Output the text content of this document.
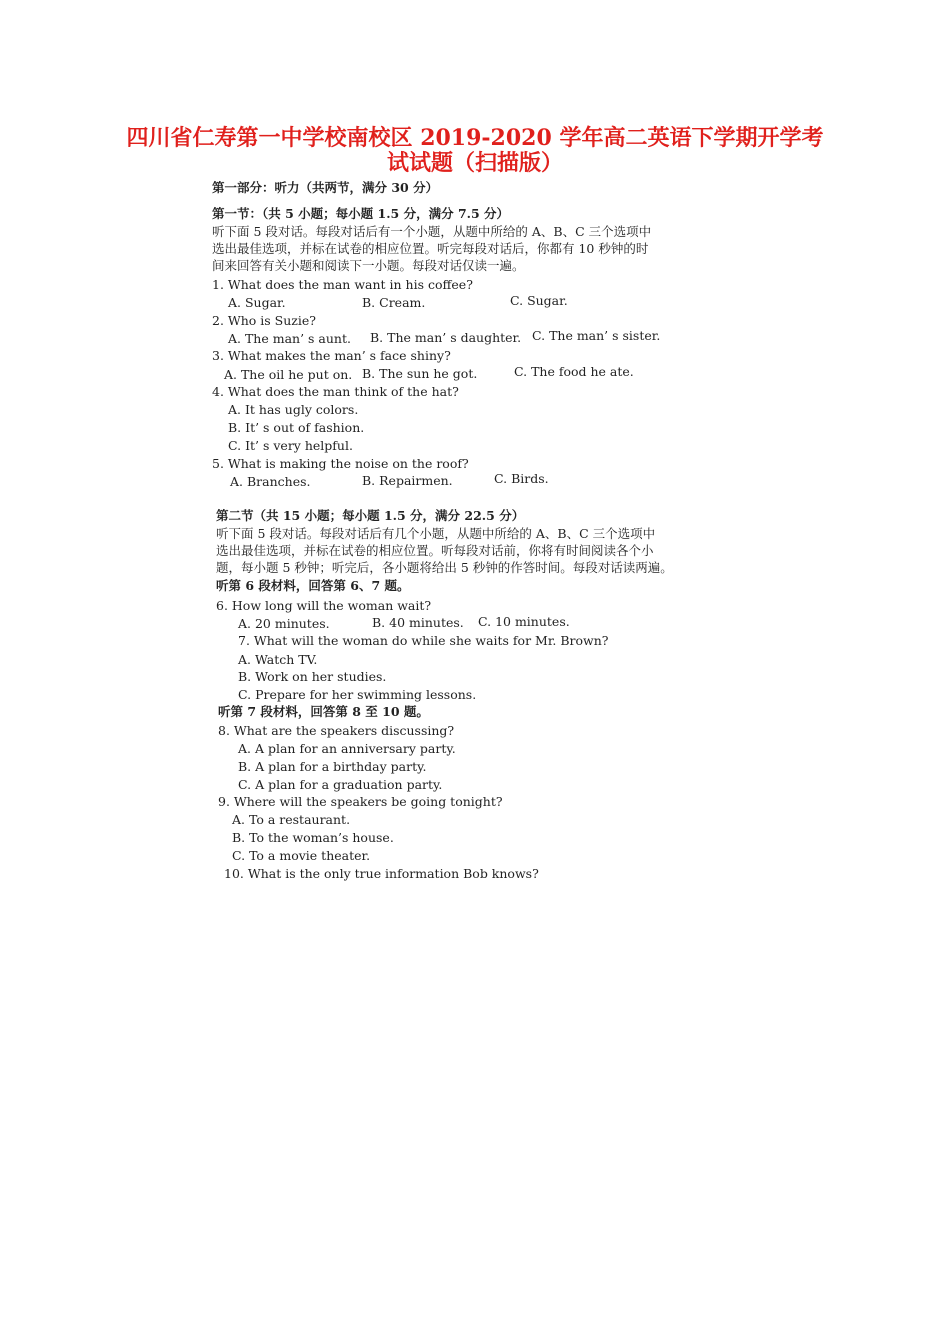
四川省仁寿第一中学校南校区 2019-2020 学年高二英语下学期开学考
试试题（扫描版）
第一部分：听力（共两节，满分 30 分）
第一节：（共 5 小题；每小题 1.5 分，满分 7.5 分）
听下面 5 段对话。每段对话后有一个小题，从题中所给的 A、B、C 三个选项中
选出最佳选项，并标在试卷的相应位置。听完每段对话后，你都有 10 秒钟的时
间来回答有关小题和阅读下一小题。每段对话仅读一遍。
1. What does the man want in his coffee?
A. Sugar.	B. Cream.	C. Sugar.
2. Who is Suzie?
A. The man’ s aunt. B. The man’ s daughter. C. The man’ s sister.
3. What makes the man’ s face shiny?
A. The oil he put on. B. The sun he got.	C. The food he ate.
4. What does the man think of the hat?
A. It has ugly colors.
B. It’ s out of fashion.
C. It’ s very helpful.
5. What is making the noise on the roof?
A. Branches.	B. Repairmen.	C. Birds.
第二节（共 15 小题；每小题 1.5 分，满分 22.5 分）
听下面 5 段对话。每段对话后有几个小题，从题中所给的 A、B、C 三个选项中
选出最佳选项，并标在试卷的相应位置。听每段对话前，你将有时间阅读各个小
题，每小题 5 秒钟；听完后，各小题将给出 5 秒钟的作答时间。每段对话读两遍。
听第 6 段材料，回答第 6、7 题。
6. How long will the woman wait?
A. 20 minutes.	B. 40 minutes. C. 10 minutes.
7. What will the woman do while she waits for Mr. Brown?
A. Watch TV.
B. Work on her studies.
C. Prepare for her swimming lessons.
听第 7 段材料，回答第 8 至 10 题。
8. What are the speakers discussing?
A. A plan for an anniversary party.
B. A plan for a birthday party.
C. A plan for a graduation party.
9. Where will the speakers be going tonight?
A. To a restaurant.
B. To the woman’s house.
C. To a movie theater.
10. What is the only true information Bob knows?
